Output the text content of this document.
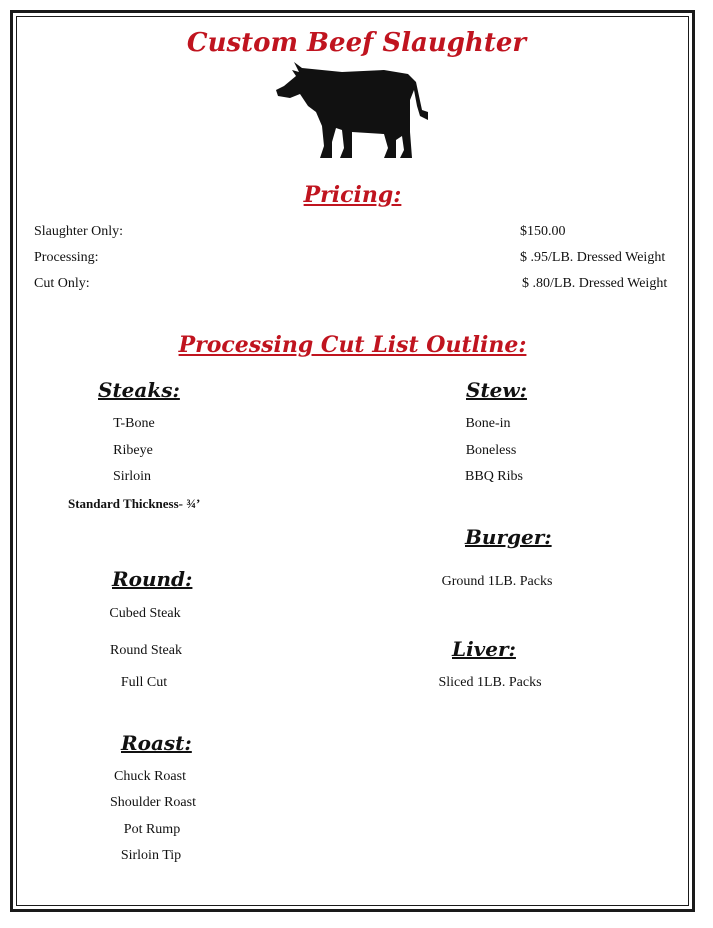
Custom Beef Slaughter
Pricing:
Slaughter Only:	$150.00
Processing:	$ .95/LB. Dressed Weight
Cut Only:	$ .80/LB. Dressed Weight
Processing Cut List Outline:
Steaks:
T-Bone
Ribeye
Sirloin
Standard Thickness- ¾’
Stew:
Bone-in
Boneless
BBQ Ribs
Burger:
Ground 1LB. Packs
Round:
Cubed Steak
Round Steak
Full Cut
Liver:
Sliced 1LB. Packs
Roast:
Chuck Roast
Shoulder Roast
Pot Rump
Sirloin Tip
